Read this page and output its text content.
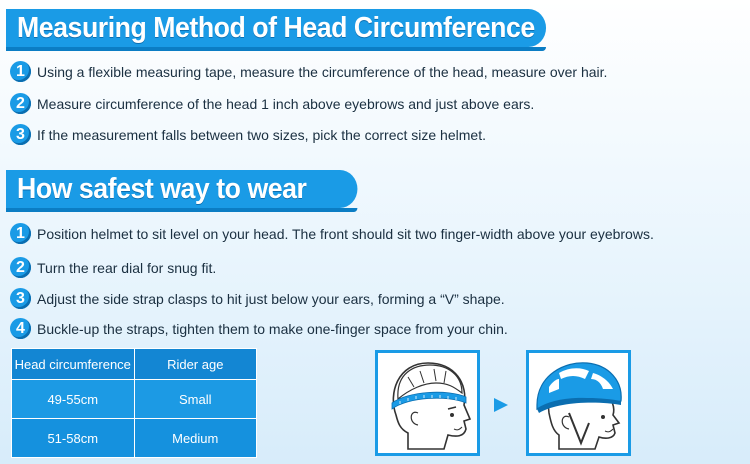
Measuring Method of Head Circumference
How safest way to wear
1 Using a flexible measuring tape, measure the circumference of the head, measure over hair.
2 Measure circumference of the head 1 inch above eyebrows and just above ears.
3 If the measurement falls between two sizes, pick the correct size helmet.
1 Position helmet to sit level on your head. The front should sit two finger-width above your eyebrows.
2 Turn the rear dial for snug fit.
3 Adjust the side strap clasps to hit just below your ears, forming a “V” shape.
4 Buckle-up the straps, tighten them to make one-finger space from your chin.
Head circumference	Rider age
49-55cm	Small
51-58cm	Medium
